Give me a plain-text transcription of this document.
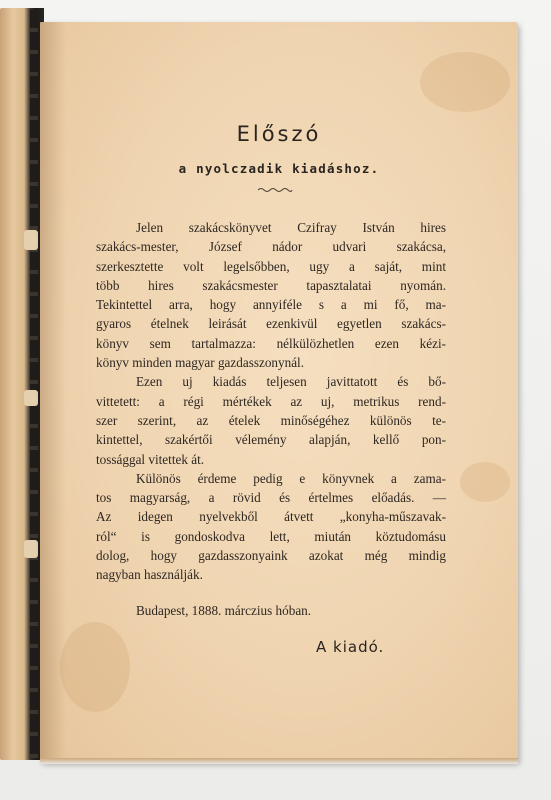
Előszó
a nyolczadik kiadáshoz.
Jelen szakácskönyvet Czifray István hires
szakács-mester, József nádor udvari szakácsa,
szerkesztette volt legelsőbben, ugy a saját, mint
több hires szakácsmester tapasztalatai nyomán.
Tekintettel arra, hogy annyiféle s a mi fő, ma-
gyaros ételnek leirását ezenkivül egyetlen szakács-
könyv sem tartalmazza: nélkülözhetlen ezen kézi-
könyv minden magyar gazdasszonynál.
Ezen uj kiadás teljesen javittatott és bő-
vittetett: a régi mértékek az uj, metrikus rend-
szer szerint, az ételek minőségéhez különös te-
kintettel, szakértői vélemény alapján, kellő pon-
tossággal vitettek át.
Különös érdeme pedig e könyvnek a zama-
tos magyarság, a rövid és értelmes előadás. —
Az idegen nyelvekből átvett „konyha-műszavak-
ról“ is gondoskodva lett, miután köztudomásu
dolog, hogy gazdasszonyaink azokat még mindig
nagyban használják.
Budapest, 1888. márczius hóban.
A kiadó.
